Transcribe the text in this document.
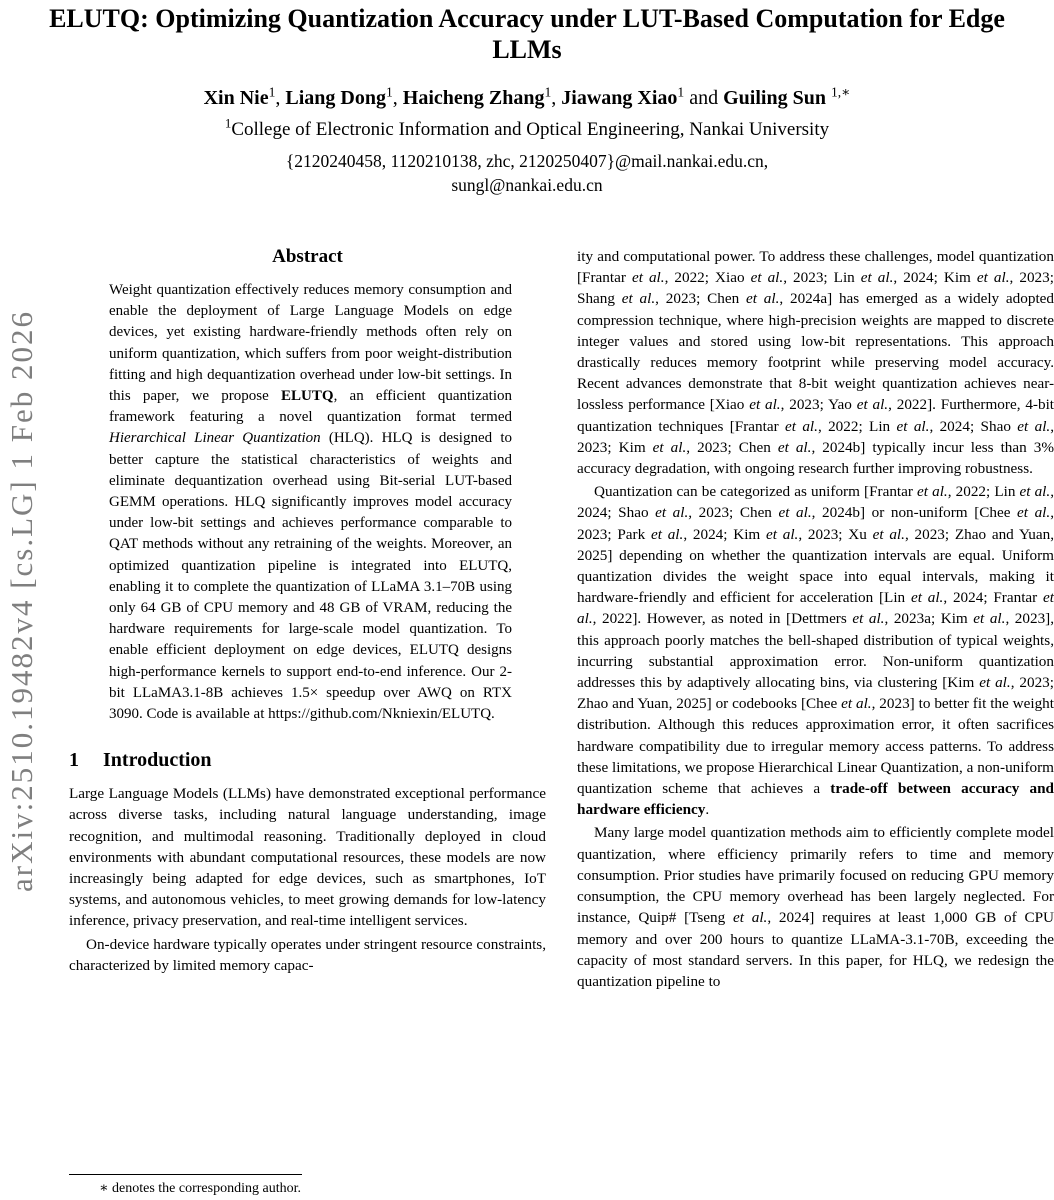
arXiv:2510.19482v4 [cs.LG] 1 Feb 2026
ELUTQ: Optimizing Quantization Accuracy under LUT-Based Computation for Edge LLMs
Xin Nie$^1$, Liang Dong$^1$, Haicheng Zhang$^1$, Jiawang Xiao$^1$ and Guiling Sun $^{1,∗}$
$^1$College of Electronic Information and Optical Engineering, Nankai University
{2120240458, 1120210138, zhc, 2120250407}@mail.nankai.edu.cn,
sungl@nankai.edu.cn
Abstract

Weight quantization effectively reduces memory consumption and enable the deployment of Large Language Models on edge devices, yet existing hardware-friendly methods often rely on uniform quantization, which suffers from poor weight-distribution fitting and high dequantization overhead under low-bit settings. In this paper, we propose ELUTQ, an efficient quantization framework featuring a novel quantization format termed Hierarchical Linear Quantization (HLQ). HLQ is designed to better capture the statistical characteristics of weights and eliminate dequantization overhead using Bit-serial LUT-based GEMM operations. HLQ significantly improves model accuracy under low-bit settings and achieves performance comparable to QAT methods without any retraining of the weights. Moreover, an optimized quantization pipeline is integrated into ELUTQ, enabling it to complete the quantization of LLaMA 3.1–70B using only 64 GB of CPU memory and 48 GB of VRAM, reducing the hardware requirements for large-scale model quantization. To enable efficient deployment on edge devices, ELUTQ designs high-performance kernels to support end-to-end inference. Our 2-bit LLaMA3.1-8B achieves 1.5× speedup over AWQ on RTX 3090. Code is available at https://github.com/Nkniexin/ELUTQ.

1 Introduction

Large Language Models (LLMs) have demonstrated exceptional performance across diverse tasks, including natural language understanding, image recognition, and multimodal reasoning. Traditionally deployed in cloud environments with abundant computational resources, these models are now increasingly being adapted for edge devices, such as smartphones, IoT systems, and autonomous vehicles, to meet growing demands for low-latency inference, privacy preservation, and real-time intelligent services.

On-device hardware typically operates under stringent resource constraints, characterized by limited memory capac-

ity and computational power. To address these challenges, model quantization [Frantar et al., 2022; Xiao et al., 2023; Lin et al., 2024; Kim et al., 2023; Shang et al., 2023; Chen et al., 2024a] has emerged as a widely adopted compression technique, where high-precision weights are mapped to discrete integer values and stored using low-bit representations. This approach drastically reduces memory footprint while preserving model accuracy. Recent advances demonstrate that 8-bit weight quantization achieves near-lossless performance [Xiao et al., 2023; Yao et al., 2022]. Furthermore, 4-bit quantization techniques [Frantar et al., 2022; Lin et al., 2024; Shao et al., 2023; Kim et al., 2023; Chen et al., 2024b] typically incur less than 3% accuracy degradation, with ongoing research further improving robustness.

Quantization can be categorized as uniform [Frantar et al., 2022; Lin et al., 2024; Shao et al., 2023; Chen et al., 2024b] or non-uniform [Chee et al., 2023; Park et al., 2024; Kim et al., 2023; Xu et al., 2023; Zhao and Yuan, 2025] depending on whether the quantization intervals are equal. Uniform quantization divides the weight space into equal intervals, making it hardware-friendly and efficient for acceleration [Lin et al., 2024; Frantar et al., 2022]. However, as noted in [Dettmers et al., 2023a; Kim et al., 2023], this approach poorly matches the bell-shaped distribution of typical weights, incurring substantial approximation error. Non-uniform quantization addresses this by adaptively allocating bins, via clustering [Kim et al., 2023; Zhao and Yuan, 2025] or codebooks [Chee et al., 2023] to better fit the weight distribution. Although this reduces approximation error, it often sacrifices hardware compatibility due to irregular memory access patterns. To address these limitations, we propose Hierarchical Linear Quantization, a non-uniform quantization scheme that achieves a trade-off between accuracy and hardware efficiency.

Many large model quantization methods aim to efficiently complete model quantization, where efficiency primarily refers to time and memory consumption. Prior studies have primarily focused on reducing GPU memory consumption, the CPU memory overhead has been largely neglected. For instance, Quip# [Tseng et al., 2024] requires at least 1,000 GB of CPU memory and over 200 hours to quantize LLaMA-3.1-70B, exceeding the capacity of most standard servers. In this paper, for HLQ, we redesign the quantization pipeline to

∗ denotes the corresponding author.
